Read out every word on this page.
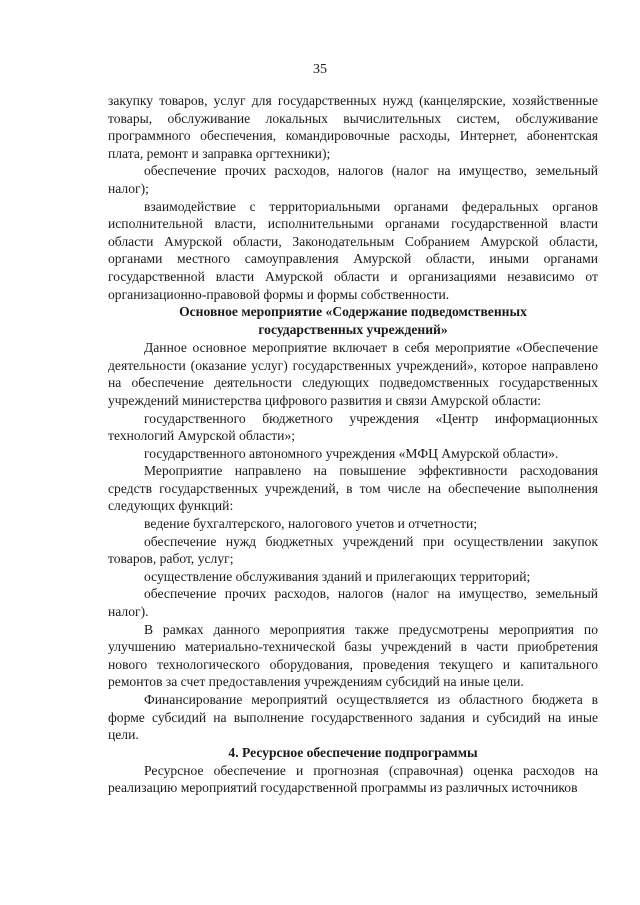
35

закупку товаров, услуг для государственных нужд (канцелярские, хозяйственные товары, обслуживание локальных вычислительных систем, обслуживание программного обеспечения, командировочные расходы, Интернет, абонентская плата, ремонт и заправка оргтехники);

обеспечение прочих расходов, налогов (налог на имущество, земельный налог);

взаимодействие с территориальными органами федеральных органов исполнительной власти, исполнительными органами государственной власти области Амурской области, Законодательным Собранием Амурской области, органами местного самоуправления Амурской области, иными органами государственной власти Амурской области и организациями независимо от организационно-правовой формы и формы собственности.

Основное мероприятие «Содержание подведомственных
государственных учреждений»

Данное основное мероприятие включает в себя мероприятие «Обеспечение деятельности (оказание услуг) государственных учреждений», которое направлено на обеспечение деятельности следующих подведомственных государственных учреждений министерства цифрового развития и связи Амурской области:

государственного бюджетного учреждения «Центр информационных технологий Амурской области»;

государственного автономного учреждения «МФЦ Амурской области».

Мероприятие направлено на повышение эффективности расходования средств государственных учреждений, в том числе на обеспечение выполнения следующих функций:

ведение бухгалтерского, налогового учетов и отчетности;

обеспечение нужд бюджетных учреждений при осуществлении закупок товаров, работ, услуг;

осуществление обслуживания зданий и прилегающих территорий;

обеспечение прочих расходов, налогов (налог на имущество, земельный налог).

В рамках данного мероприятия также предусмотрены мероприятия по улучшению материально-технической базы учреждений в части приобретения нового технологического оборудования, проведения текущего и капитального ремонтов за счет предоставления учреждениям субсидий на иные цели.

Финансирование мероприятий осуществляется из областного бюджета в форме субсидий на выполнение государственного задания и субсидий на иные цели.

4. Ресурсное обеспечение подпрограммы

Ресурсное обеспечение и прогнозная (справочная) оценка расходов на реализацию мероприятий государственной программы из различных источников
